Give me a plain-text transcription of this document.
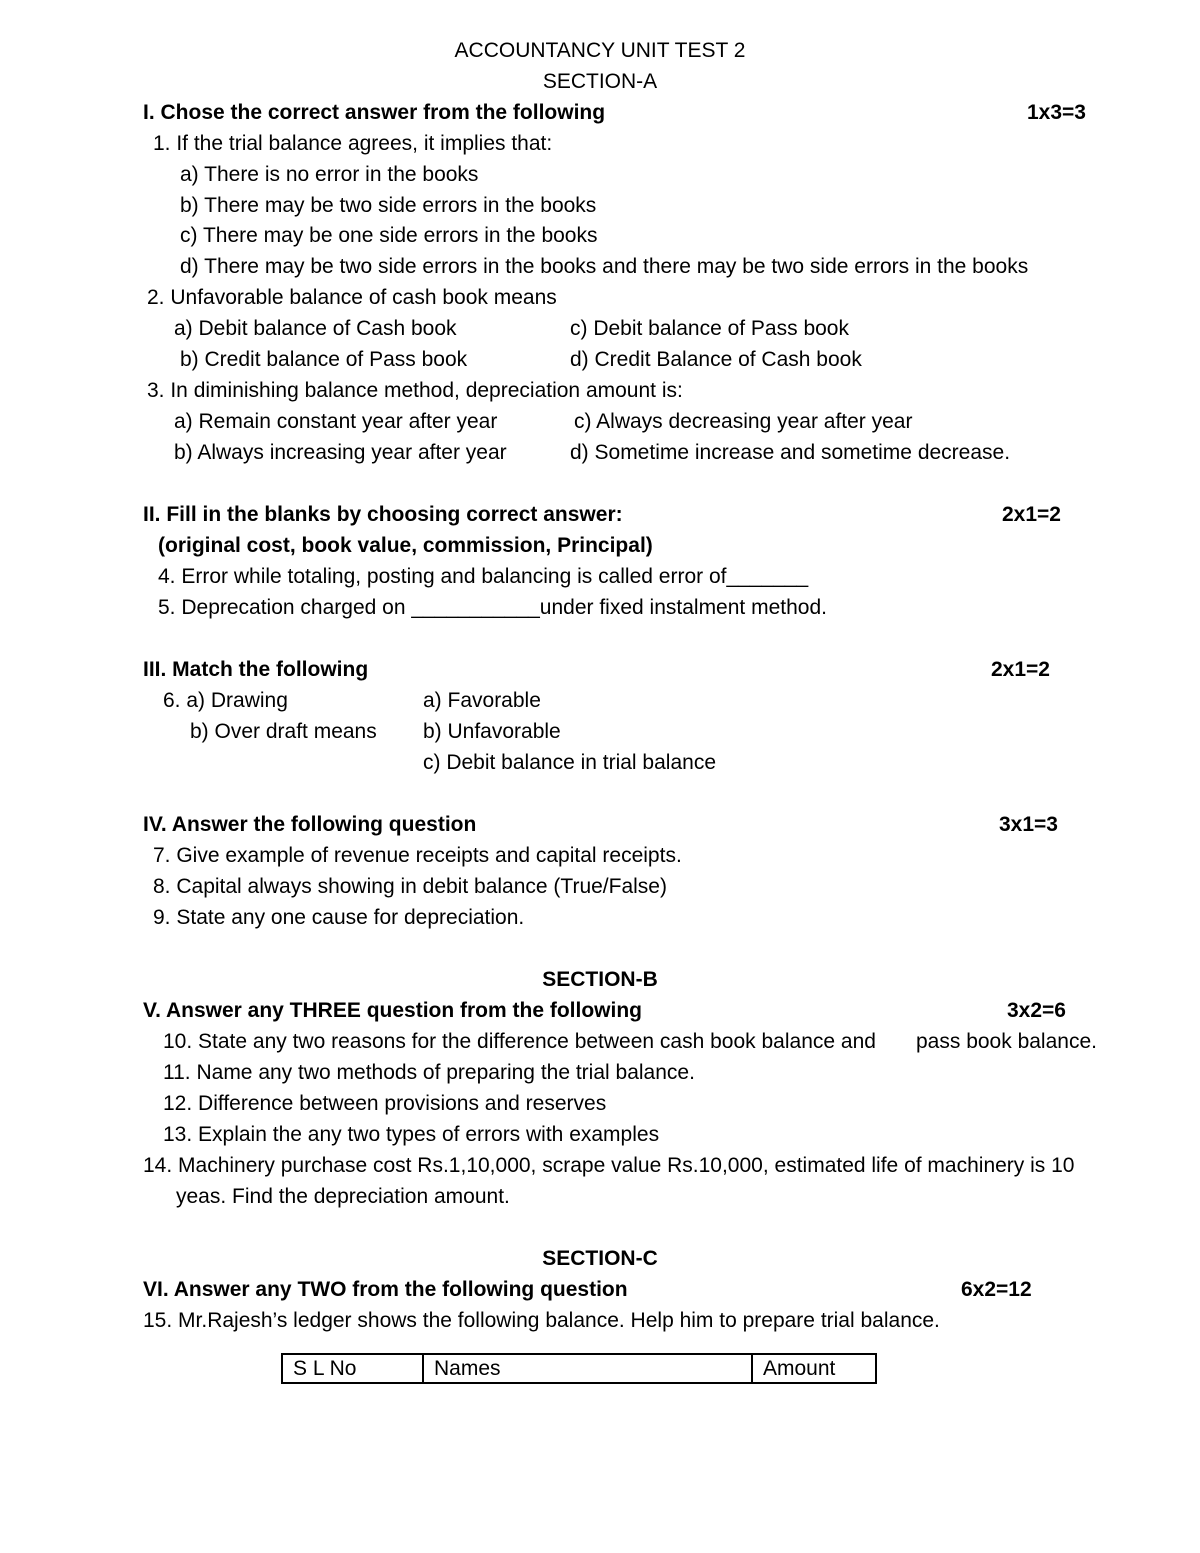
ACCOUNTANCY UNIT TEST 2
SECTION-A
I. Chose the correct answer from the following	1x3=3
1. If the trial balance agrees, it implies that:
a) There is no error in the books
b) There may be two side errors in the books
c) There may be one side errors in the books
d) There may be two side errors in the books and there may be two side errors in the books
2. Unfavorable balance of cash book means
a) Debit balance of Cash book	c) Debit balance of Pass book
b) Credit balance of Pass book	d) Credit Balance of Cash book
3. In diminishing balance method, depreciation amount is:
a) Remain constant year after year	c) Always decreasing year after year
b) Always increasing year after year	d) Sometime increase and sometime decrease.
II. Fill in the blanks by choosing correct answer:	2x1=2
(original cost, book value, commission, Principal)
4. Error while totaling, posting and balancing is called error of_______
5. Deprecation charged on ___________under fixed instalment method.
III. Match the following	2x1=2
6. a) Drawing	a) Favorable
b) Over draft means b) Unfavorable
c) Debit balance in trial balance
IV. Answer the following question	3x1=3
7. Give example of revenue receipts and capital receipts.
8. Capital always showing in debit balance (True/False)
9. State any one cause for depreciation.
SECTION-B
V. Answer any THREE question from the following	3x2=6
10. State any two reasons for the difference between cash book balance and pass book balance.
11. Name any two methods of preparing the trial balance.
12. Difference between provisions and reserves
13. Explain the any two types of errors with examples
14. Machinery purchase cost Rs.1,10,000, scrape value Rs.10,000, estimated life of machinery is 10
yeas. Find the depreciation amount.
SECTION-C
VI. Answer any TWO from the following question	6x2=12
15. Mr.Rajesh’s ledger shows the following balance. Help him to prepare trial balance.
S L No	Names	Amount
